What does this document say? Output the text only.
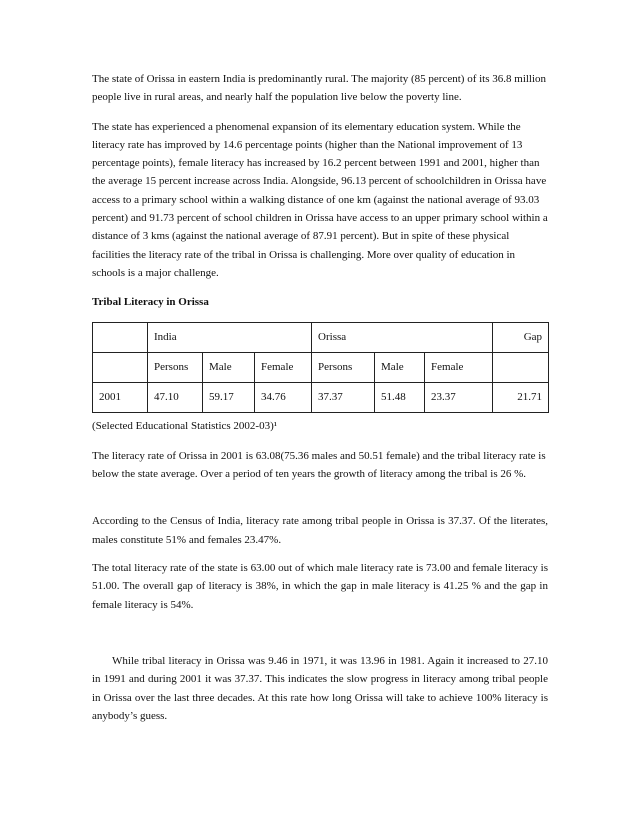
The state of Orissa in eastern India is predominantly rural. The majority (85 percent) of its 36.8 million people live in rural areas, and nearly half the population live below the poverty line.

The state has experienced a phenomenal expansion of its elementary education system. While the literacy rate has improved by 14.6 percentage points (higher than the National improvement of 13 percentage points), female literacy has increased by 16.2 percent between 1991 and 2001, higher than the average 15 percent increase across India. Alongside, 96.13 percent of schoolchildren in Orissa have access to a primary school within a walking distance of one km (against the national average of 93.03 percent) and 91.73 percent of school children in Orissa have access to an upper primary school within a distance of 3 kms (against the national average of 87.91 percent). But in spite of these physical facilities the literacy rate of the tribal in Orissa is challenging. More over quality of education in schools is a major challenge.

Tribal Literacy in Orissa

	India			Orissa			Gap
	Persons	Male	Female	Persons	Male	Female	
2001	47.10	59.17	34.76	37.37	51.48	23.37	21.71

(Selected Educational Statistics 2002-03)¹

The literacy rate of Orissa in 2001 is 63.08(75.36 males and 50.51 female) and the tribal literacy rate is below the state average. Over a period of ten years the growth of literacy among the tribal is 26 %.

According to the Census of India, literacy rate among tribal people in Orissa is 37.37. Of the literates, males constitute 51% and females 23.47%.

The total literacy rate of the state is 63.00 out of which male literacy rate is 73.00 and female literacy is 51.00. The overall gap of literacy is 38%, in which the gap in male literacy is 41.25 % and the gap in female literacy is 54%.

While tribal literacy in Orissa was 9.46 in 1971, it was 13.96 in 1981. Again it increased to 27.10 in 1991 and during 2001 it was 37.37. This indicates the slow progress in literacy among tribal people in Orissa over the last three decades. At this rate how long Orissa will take to achieve 100% literacy is anybody’s guess.
